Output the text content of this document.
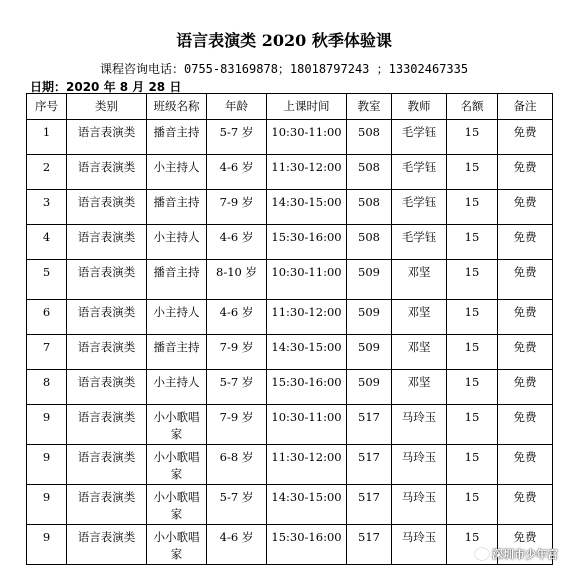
语言表演类 2020 秋季体验课
课程咨询电话：0755-83169878；18018797243 ；13302467335
日期：2020 年 8 月 28 日
序号	类别	班级名称	年龄	上课时间	教室	教师	名额	备注
1	语言表演类	播音主持	5-7 岁	10:30-11:00	508	毛学钰	15	免费
2	语言表演类	小主持人	4-6 岁	11:30-12:00	508	毛学钰	15	免费
3	语言表演类	播音主持	7-9 岁	14:30-15:00	508	毛学钰	15	免费
4	语言表演类	小主持人	4-6 岁	15:30-16:00	508	毛学钰	15	免费
5	语言表演类	播音主持	8-10 岁	10:30-11:00	509	邓坚	15	免费
6	语言表演类	小主持人	4-6 岁	11:30-12:00	509	邓坚	15	免费
7	语言表演类	播音主持	7-9 岁	14:30-15:00	509	邓坚	15	免费
8	语言表演类	小主持人	5-7 岁	15:30-16:00	509	邓坚	15	免费
9	语言表演类	小小歌唱家	7-9 岁	10:30-11:00	517	马玲玉	15	免费
9	语言表演类	小小歌唱家	6-8 岁	11:30-12:00	517	马玲玉	15	免费
9	语言表演类	小小歌唱家	5-7 岁	14:30-15:00	517	马玲玉	15	免费
9	语言表演类	小小歌唱家	4-6 岁	15:30-16:00	517	马玲玉	15	免费
深圳市少年宫
